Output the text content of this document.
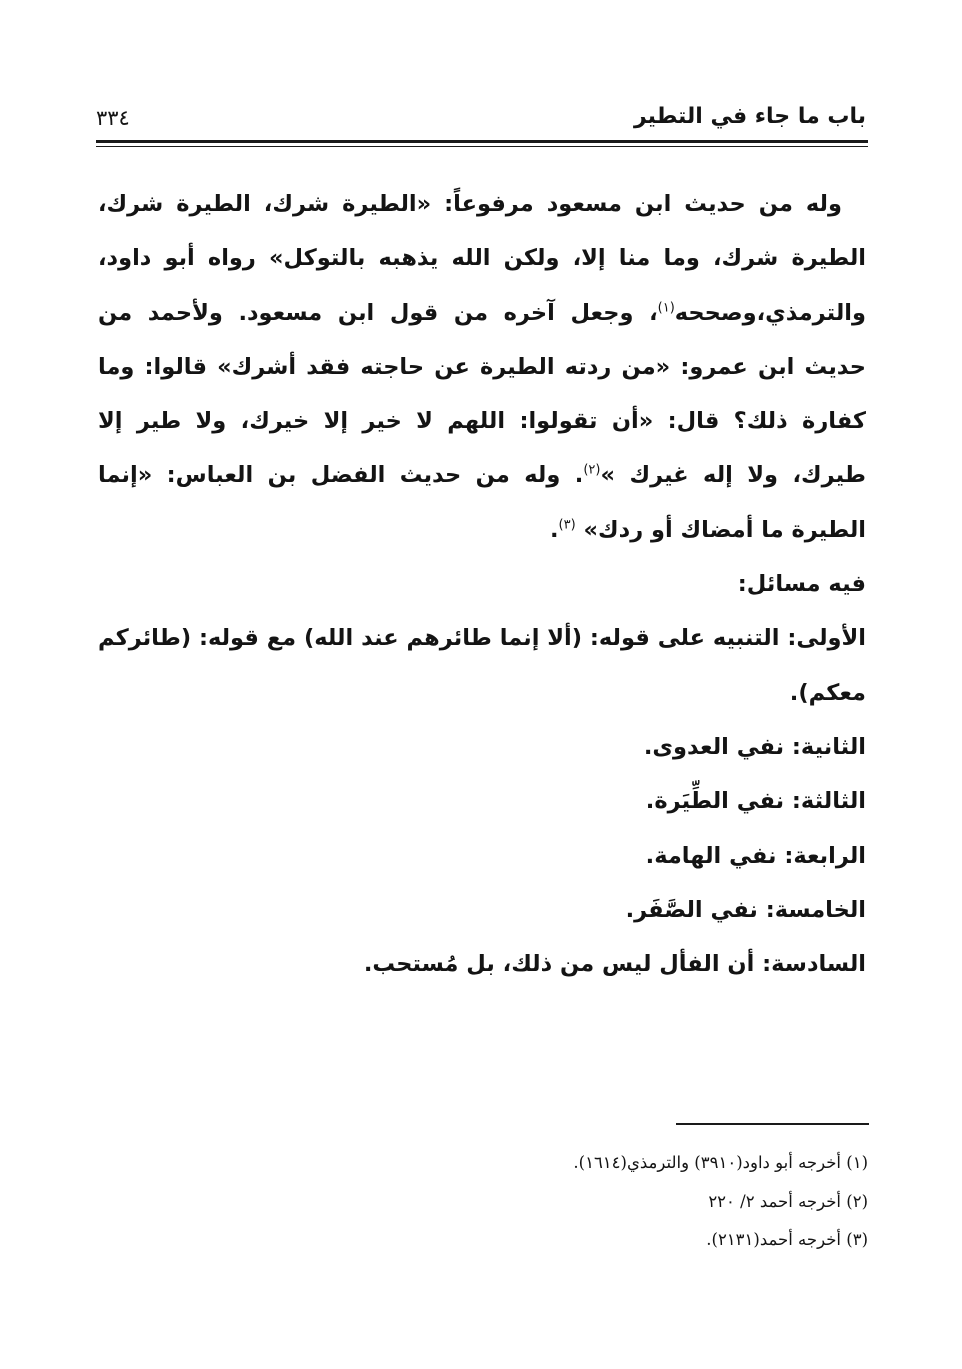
باب ما جاء في التطير
٣٣٤

وله من حديث ابن مسعود مرفوعاً: «الطيرة شرك، الطيرة شرك، الطيرة شرك، وما منا إلا، ولكن الله يذهبه بالتوكل» رواه أبو داود، والترمذي،وصححه$^{(١)}$، وجعل آخره من قول ابن مسعود. ولأحمد من حديث ابن عمرو: «من ردته الطيرة عن حاجته فقد أشرك» قالوا: وما كفارة ذلك؟ قال: «أن تقولوا: اللهم لا خير إلا خيرك، ولا طير إلا طيرك، ولا إله غيرك »$^{(٢)}$. وله من حديث الفضل بن العباس: «إنما الطيرة ما أمضاك أو ردك» $^{(٣)}$.

فيه مسائل:

الأولى: التنبيه على قوله: (ألا إنما طائرهم عند الله) مع قوله: (طائركم معكم).

الثانية: نفي العدوى.

الثالثة: نفي الطِّيَرة.

الرابعة: نفي الهامة.

الخامسة: نفي الصَّفَر.

السادسة: أن الفأل ليس من ذلك، بل مُستحب.

(١) أخرجه أبو داود(٣٩١٠) والترمذي(١٦١٤).
(٢) أخرجه أحمد ٢/ ٢٢٠
(٣) أخرجه أحمد(٢١٣١).
